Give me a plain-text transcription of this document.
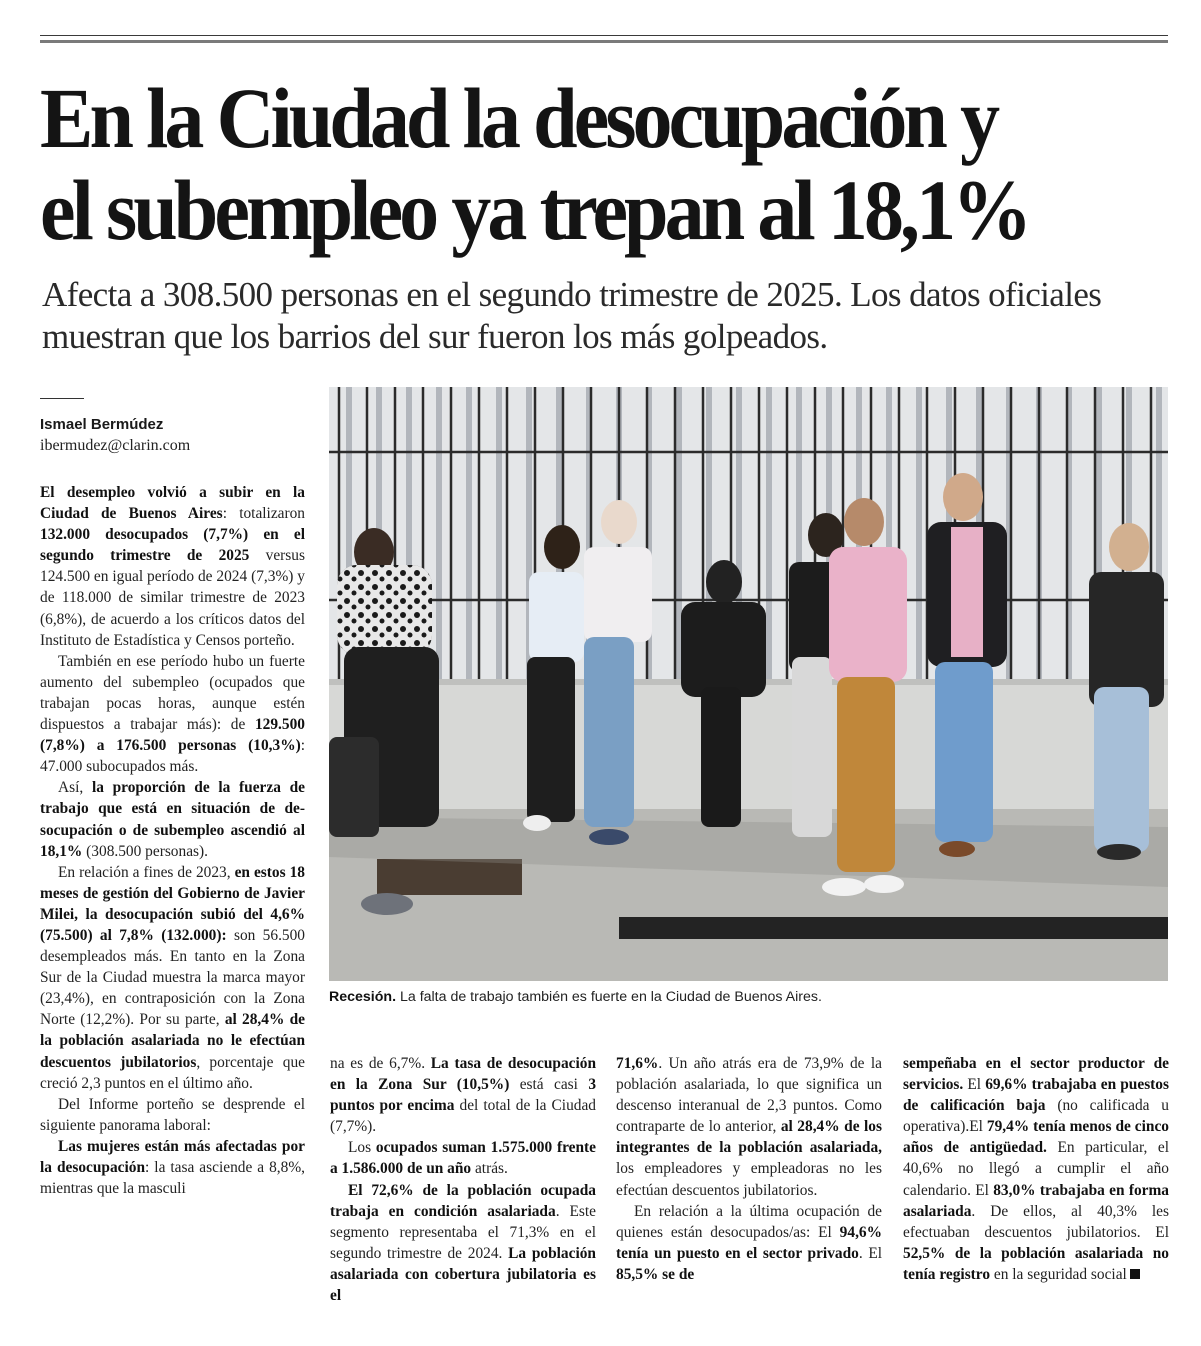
En la Ciudad la desocupación y
el subempleo ya trepan al 18,1%
Afecta a 308.500 personas en el segundo trimestre de 2025. Los datos oficiales muestran que los barrios del sur fueron los más golpeados.
Ismael Bermúdez
ibermudez@clarin.com

El desempleo volvió a subir en la Ciudad de Buenos Aires: totalizaron 132.000 desocupados (7,7%) en el segundo trimestre de 2025 versus 124.500 en igual período de 2024 (7,3%) y de 118.000 de similar trimestre de 2023 (6,8%), de acuerdo a los críticos datos del Instituto de Estadística y Censos porteño.

También en ese período hubo un fuerte aumento del subempleo (ocupados que trabajan pocas horas, aunque estén dispuestos a trabajar más): de 129.500 (7,8%) a 176.500 personas (10,3%): 47.000 subocupados más.

Así, la proporción de la fuerza de trabajo que está en situación de desocupación o de subempleo ascendió al 18,1% (308.500 personas).

En relación a fines de 2023, en estos 18 meses de gestión del Gobierno de Javier Milei, la desocupación subió del 4,6% (75.500) al 7,8% (132.000): son 56.500 desempleados más. En tanto en la Zona Sur de la Ciudad muestra la marca mayor (23,4%), en contraposición con la Zona Norte (12,2%). Por su parte, al 28,4% de la población asalariada no le efectúan descuentos jubilatorios, porcentaje que creció 2,3 puntos en el último año.

Del Informe porteño se desprende el siguiente panorama laboral:

Las mujeres están más afectadas por la desocupación: la tasa asciende a 8,8%, mientras que la masculi

Recesión. La falta de trabajo también es fuerte en la Ciudad de Buenos Aires.

na es de 6,7%. La tasa de desocupación en la Zona Sur (10,5%) está casi 3 puntos por encima del total de la Ciudad (7,7%).

Los ocupados suman 1.575.000 frente a 1.586.000 de un año atrás.

El 72,6% de la población ocupada trabaja en condición asalariada. Este segmento representaba el 71,3% en el segundo trimestre de 2024. La población asalariada con cobertura jubilatoria es el

71,6%. Un año atrás era de 73,9% de la población asalariada, lo que significa un descenso interanual de 2,3 puntos. Como contraparte de lo anterior, al 28,4% de los integrantes de la población asalariada, los empleadores y empleadoras no les efectúan descuentos jubilatorios.

En relación a la última ocupación de quienes están desocupados/as: El 94,6% tenía un puesto en el sector privado. El 85,5% se de

sempeñaba en el sector productor de servicios. El 69,6% trabajaba en puestos de calificación baja (no calificada u operativa).El 79,4% tenía menos de cinco años de antigüedad. En particular, el 40,6% no llegó a cumplir el año calendario. El 83,0% trabajaba en forma asalariada. De ellos, al 40,3% les efectuaban descuentos jubilatorios. El 52,5% de la población asalariada no tenía registro en la seguridad social
